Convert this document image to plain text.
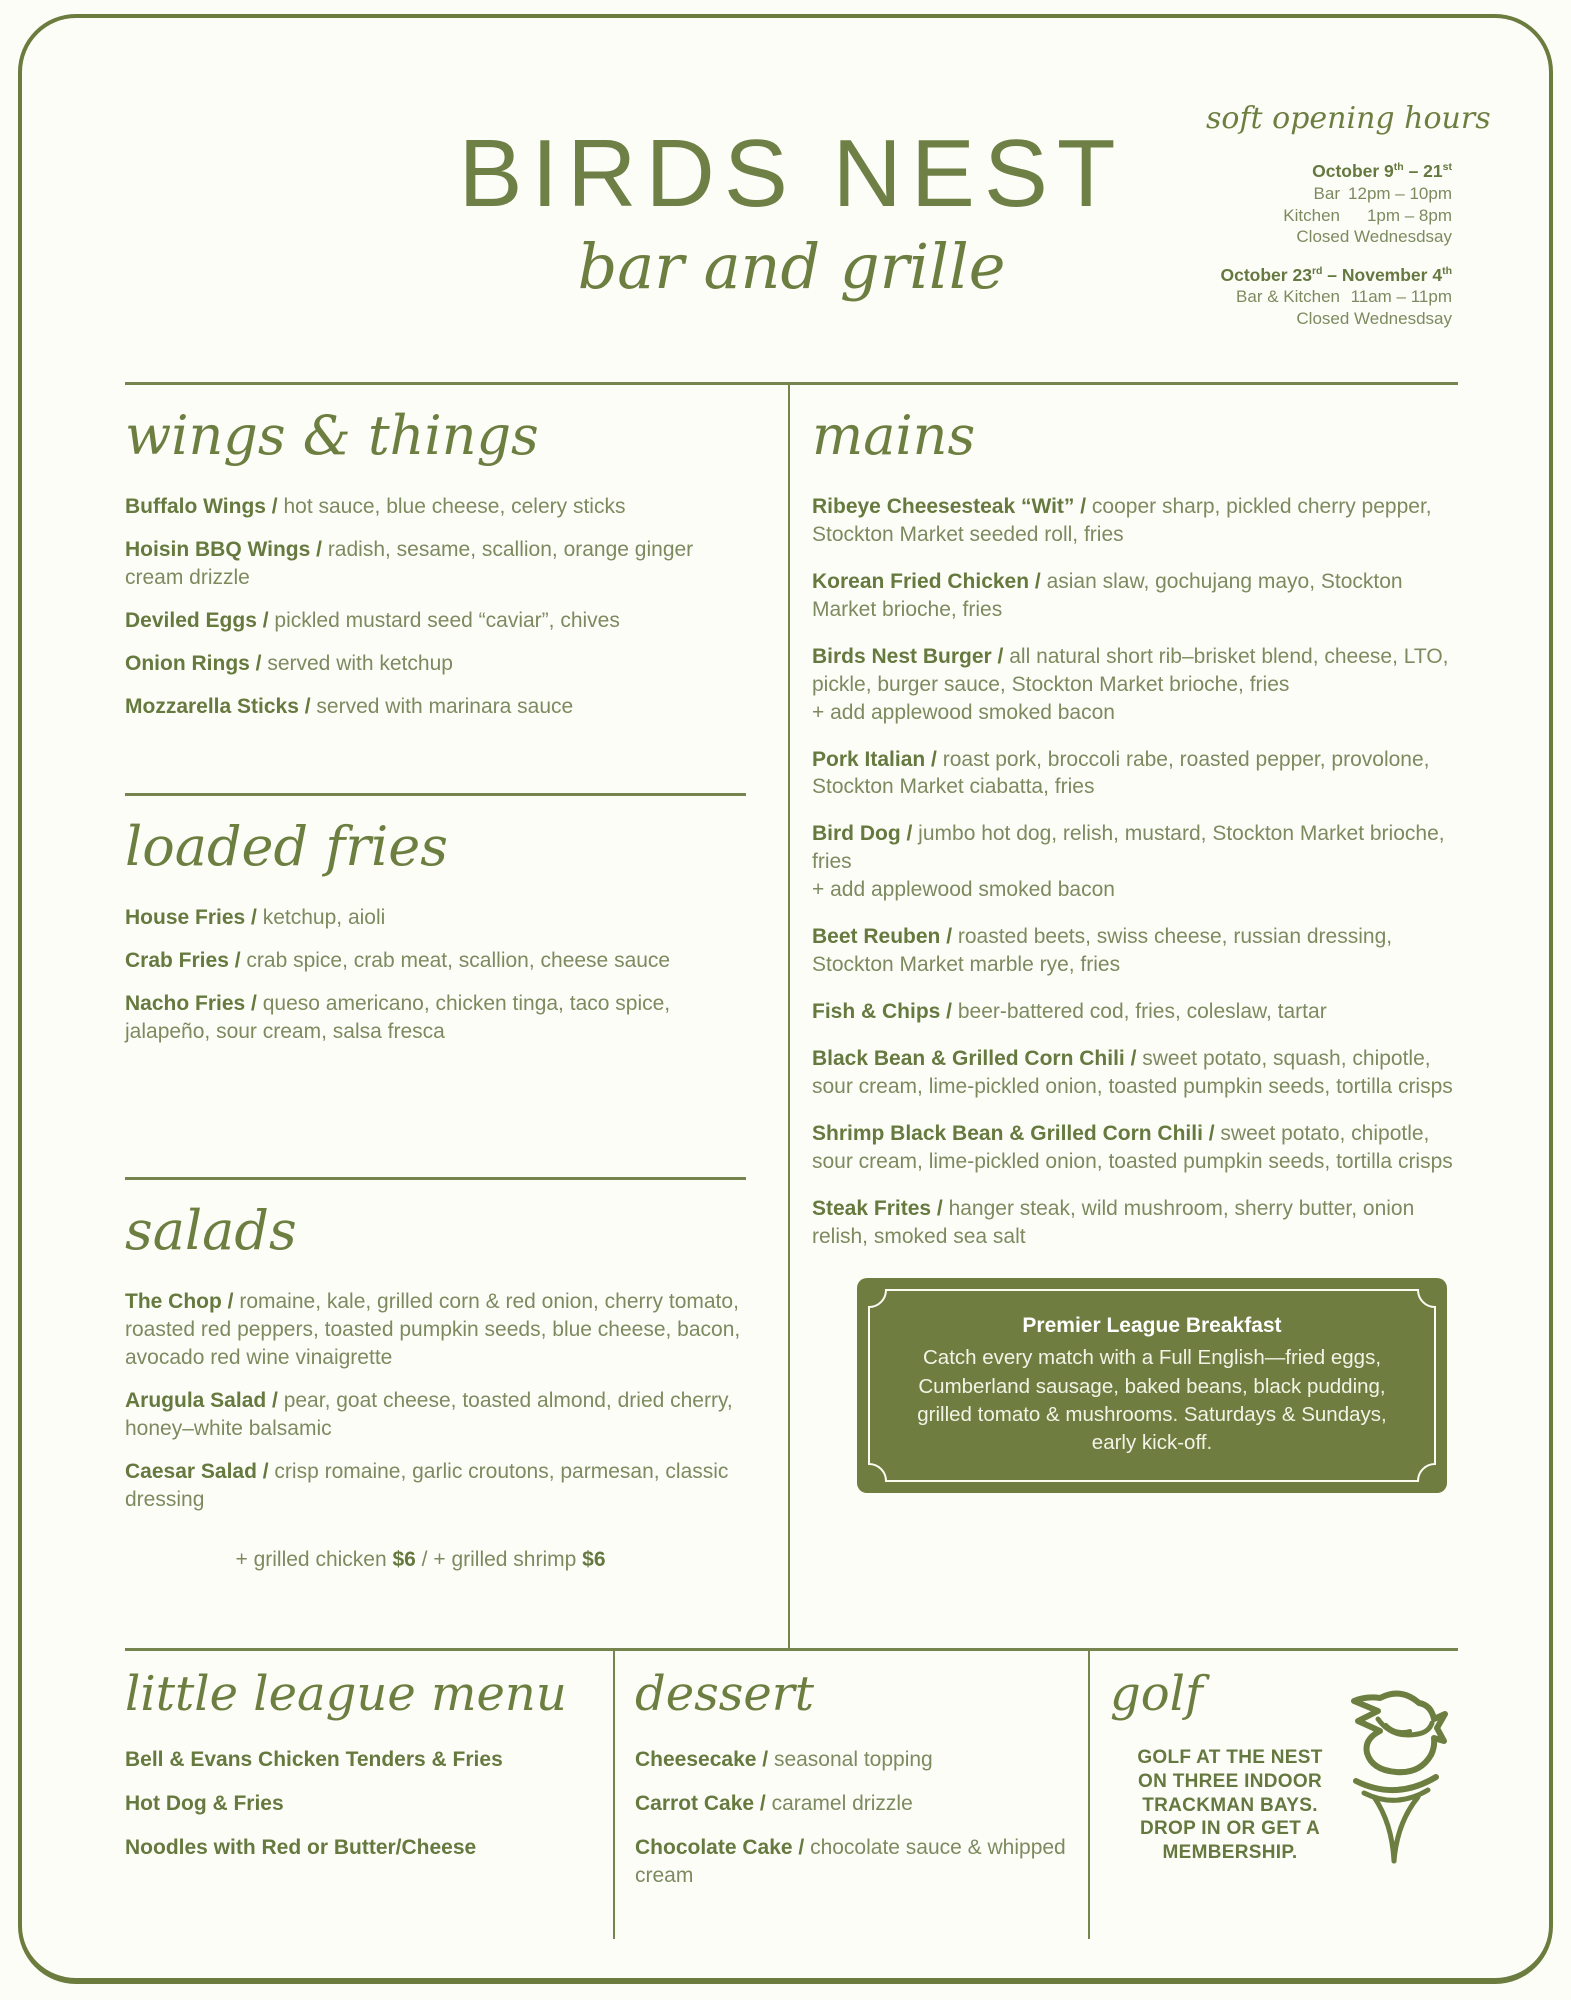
BIRDS NEST
bar and grille
soft opening hours
October 9th – 21st
Bar 12pm – 10pm
Kitchen	1pm – 8pm
Closed Wednesdsay
October 23rd – November 4th
Bar & Kitchen 11am – 11pm
Closed Wednesdsay
wings & things
Buffalo Wings / hot sauce, blue cheese, celery sticks
Hoisin BBQ Wings / radish, sesame, scallion, orange ginger cream drizzle
Deviled Eggs / pickled mustard seed “caviar”, chives
Onion Rings / served with ketchup
Mozzarella Sticks / served with marinara sauce
loaded fries
House Fries / ketchup, aioli
Crab Fries / crab spice, crab meat, scallion, cheese sauce
Nacho Fries / queso americano, chicken tinga, taco spice, jalapeño, sour cream, salsa fresca
salads
The Chop / romaine, kale, grilled corn & red onion, cherry tomato, roasted red peppers, toasted pumpkin seeds, blue cheese, bacon, avocado red wine vinaigrette
Arugula Salad / pear, goat cheese, toasted almond, dried cherry, honey–white balsamic
Caesar Salad / crisp romaine, garlic croutons, parmesan, classic dressing
+ grilled chicken $6 / + grilled shrimp $6
mains
Ribeye Cheesesteak “Wit” / cooper sharp, pickled cherry pepper, Stockton Market seeded roll, fries
Korean Fried Chicken / asian slaw, gochujang mayo, Stockton Market brioche, fries
Birds Nest Burger / all natural short rib–brisket blend, cheese, LTO, pickle, burger sauce, Stockton Market brioche, fries
+ add applewood smoked bacon
Pork Italian / roast pork, broccoli rabe, roasted pepper, provolone, Stockton Market ciabatta, fries
Bird Dog / jumbo hot dog, relish, mustard, Stockton Market brioche, fries
+ add applewood smoked bacon
Beet Reuben / roasted beets, swiss cheese, russian dressing, Stockton Market marble rye, fries
Fish & Chips / beer-battered cod, fries, coleslaw, tartar
Black Bean & Grilled Corn Chili / sweet potato, squash, chipotle, sour cream, lime-pickled onion, toasted pumpkin seeds, tortilla crisps
Shrimp Black Bean & Grilled Corn Chili / sweet potato, chipotle, sour cream, lime-pickled onion, toasted pumpkin seeds, tortilla crisps
Steak Frites / hanger steak, wild mushroom, sherry butter, onion relish, smoked sea salt
Premier League Breakfast
Catch every match with a Full English—fried eggs, Cumberland sausage, baked beans, black pudding, grilled tomato & mushrooms. Saturdays & Sundays, early kick-off.
little league menu
Bell & Evans Chicken Tenders & Fries
Hot Dog & Fries
Noodles with Red or Butter/Cheese
dessert
Cheesecake / seasonal topping
Carrot Cake / caramel drizzle
Chocolate Cake / chocolate sauce & whipped cream
golf

GOLF AT THE NEST ON THREE INDOOR TRACKMAN BAYS. DROP IN OR GET A MEMBERSHIP.
